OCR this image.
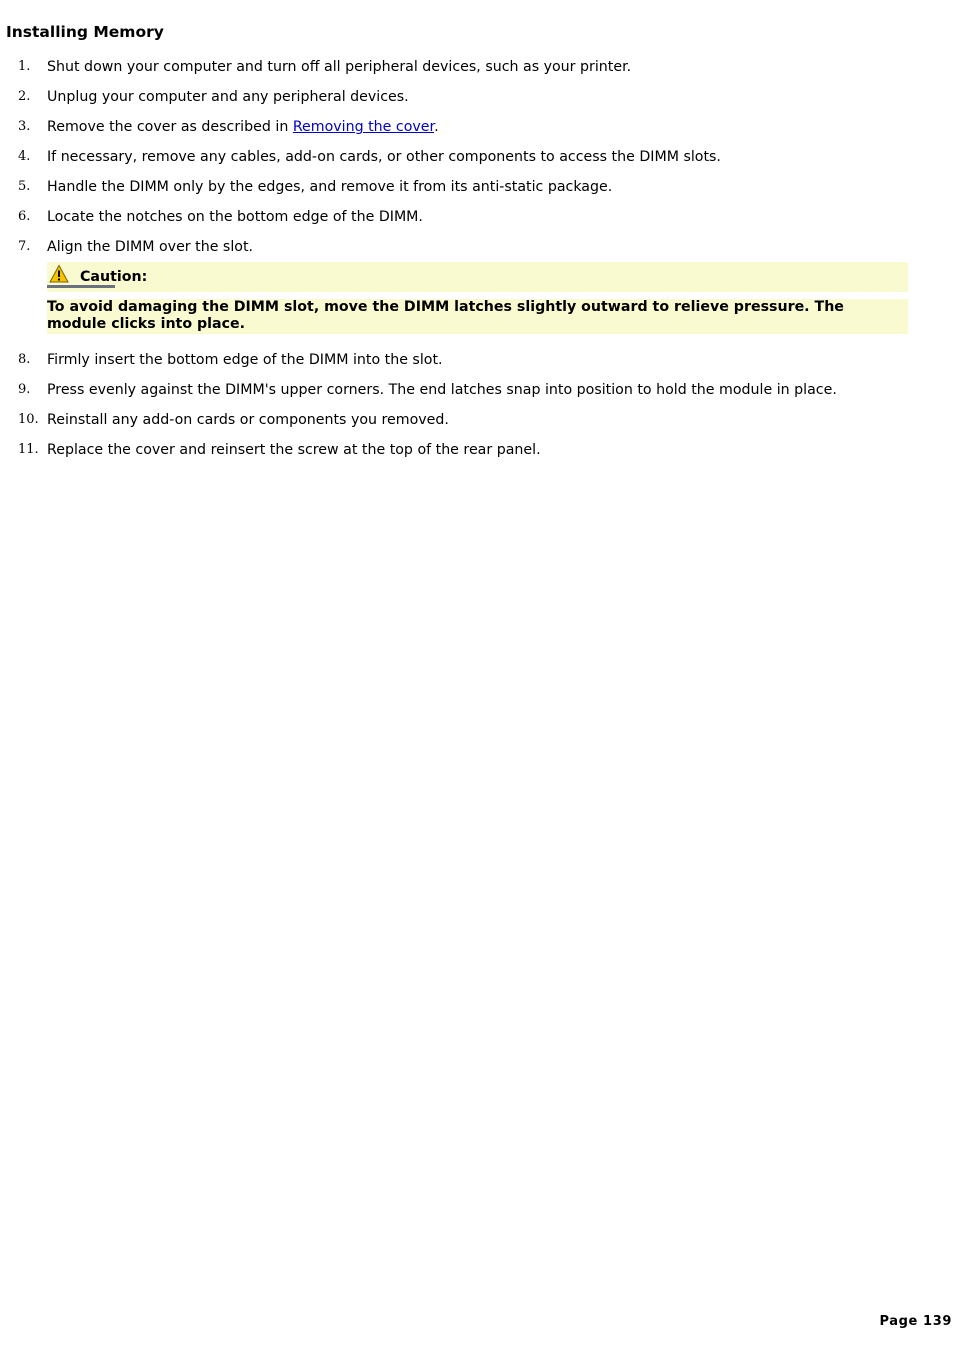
Installing Memory
1. Shut down your computer and turn off all peripheral devices, such as your printer.
2. Unplug your computer and any peripheral devices.
3. Remove the cover as described in Removing the cover.
4. If necessary, remove any cables, add-on cards, or other components to access the DIMM slots.
5. Handle the DIMM only by the edges, and remove it from its anti-static package.
6. Locate the notches on the bottom edge of the DIMM.
7. Align the DIMM over the slot.
Caution:

To avoid damaging the DIMM slot, move the DIMM latches slightly outward to relieve pressure. The module clicks into place.

8. Firmly insert the bottom edge of the DIMM into the slot.
9. Press evenly against the DIMM's upper corners. The end latches snap into position to hold the module in place.
10. Reinstall any add-on cards or components you removed.
11. Replace the cover and reinsert the screw at the top of the rear panel.
Page 139
